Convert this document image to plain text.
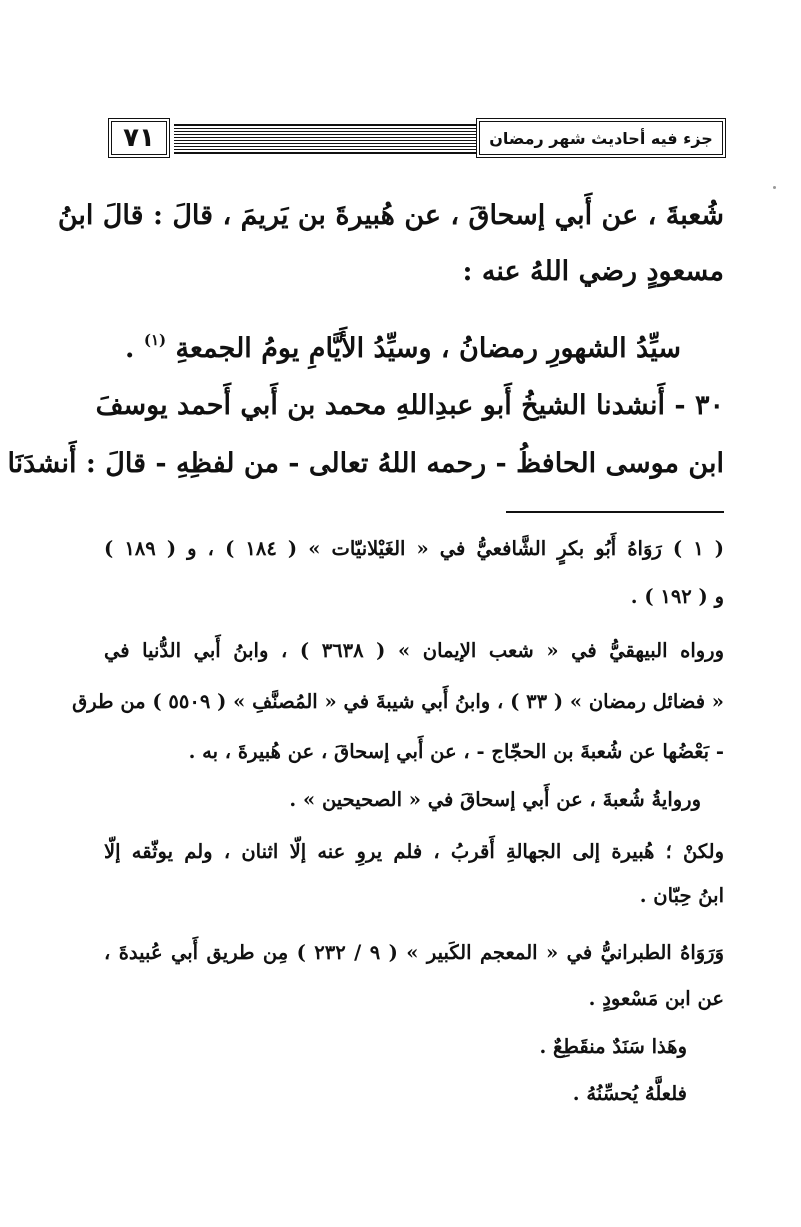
٧١	جزء فيه أحاديث شهر رمضان
شُعبةَ ، عن أَبي إسحاقَ ، عن هُبيرةَ بن يَريمَ ، قالَ : قالَ ابنُ
مسعودٍ رضي اللهُ عنه :
سيِّدُ الشهورِ رمضانُ ، وسيِّدُ الأَيَّامِ يومُ الجمعةِ $^{(١)}$ .
٣٠ - أَنشدنا الشيخُ أَبو عبدِاللهِ محمد بن أَبي أَحمد يوسفَ
ابن موسى الحافظُ - رحمه اللهُ تعالى - من لفظِهِ - قالَ : أَنشدَنَا
( ١ ) رَوَاهُ أَبُو بكرٍ الشَّافعيُّ في « الغَيْلانيّات » ( ١٨٤ ) ، و ( ١٨٩ )
و ( ١٩٢ ) .
ورواه البيهقيُّ في « شعب الإيمان » ( ٣٦٣٨ ) ، وابنُ أَبي الدُّنيا في
« فضائل رمضان » ( ٣٣ ) ، وابنُ أَبي شيبةَ في « المُصنَّفِ » ( ٥٥٠٩ ) من طرق
- بَعْضُها عن شُعبةَ بن الحجّاج - ، عن أَبي إسحاقَ ، عن هُبيرةَ ، به .
وروايةُ شُعبةَ ، عن أَبي إسحاقَ في « الصحيحين » .
ولكنْ ؛ هُبيرة إلى الجهالةِ أَقربُ ، فلم يروِ عنه إلّا اثنان ، ولم يوثّقه إلّا
ابنُ حِبّان .
وَرَوَاهُ الطبرانيُّ في « المعجم الكَبير » ( ٩ / ٢٣٢ ) مِن طريق أَبي عُبيدةَ ،
عن ابن مَسْعودٍ .
وهَذا سَنَدٌ منقَطِعٌ .
فلعلَّهُ يُحسِّنُهُ .
